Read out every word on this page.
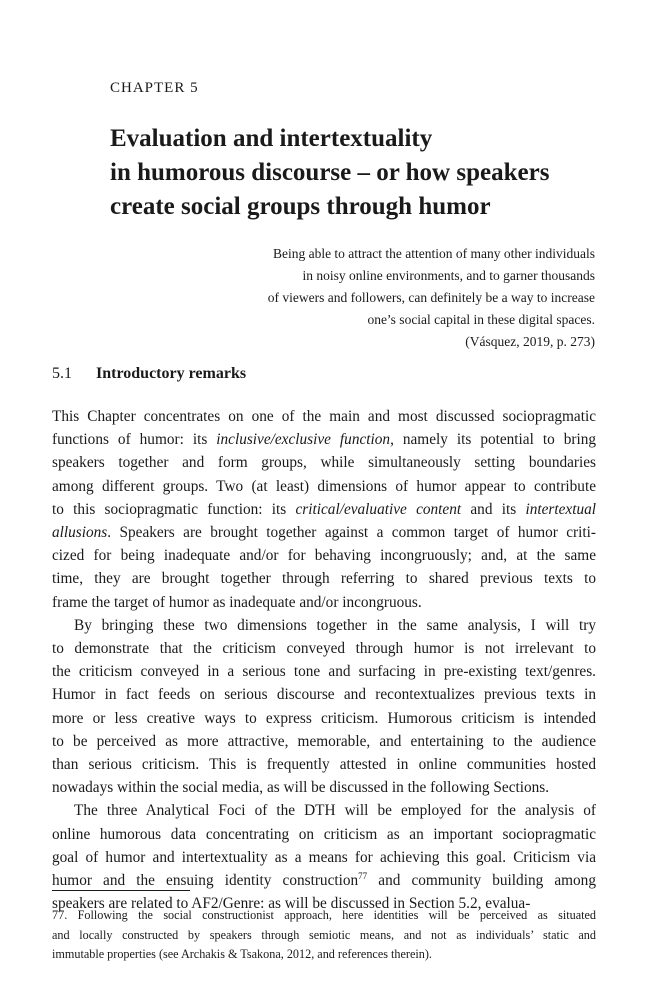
CHAPTER 5
Evaluation and intertextuality
in humorous discourse – or how speakers
create social groups through humor
Being able to attract the attention of many other individuals
in noisy online environments, and to garner thousands
of viewers and followers, can definitely be a way to increase
one’s social capital in these digital spaces.
(Vásquez, 2019, p. 273)
5.1 Introductory remarks

This Chapter concentrates on one of the main and most discussed sociopragmatic
functions of humor: its inclusive/exclusive function, namely its potential to bring
speakers together and form groups, while simultaneously setting boundaries
among different groups. Two (at least) dimensions of humor appear to contribute
to this sociopragmatic function: its critical/evaluative content and its intertextual
allusions. Speakers are brought together against a common target of humor criti-
cized for being inadequate and/or for behaving incongruously; and, at the same
time, they are brought together through referring to shared previous texts to
frame the target of humor as inadequate and/or incongruous.

By bringing these two dimensions together in the same analysis, I will try
to demonstrate that the criticism conveyed through humor is not irrelevant to
the criticism conveyed in a serious tone and surfacing in pre-existing text/genres.
Humor in fact feeds on serious discourse and recontextualizes previous texts in
more or less creative ways to express criticism. Humorous criticism is intended
to be perceived as more attractive, memorable, and entertaining to the audience
than serious criticism. This is frequently attested in online communities hosted
nowadays within the social media, as will be discussed in the following Sections.

The three Analytical Foci of the DTH will be employed for the analysis of
online humorous data concentrating on criticism as an important sociopragmatic
goal of humor and intertextuality as a means for achieving this goal. Criticism via
humor and the ensuing identity construction$^{77}$ and community building among
speakers are related to AF2/Genre: as will be discussed in Section 5.2, evalua-

77. Following the social constructionist approach, here identities will be perceived as situated
and locally constructed by speakers through semiotic means, and not as individuals’ static and
immutable properties (see Archakis & Tsakona, 2012, and references therein).
